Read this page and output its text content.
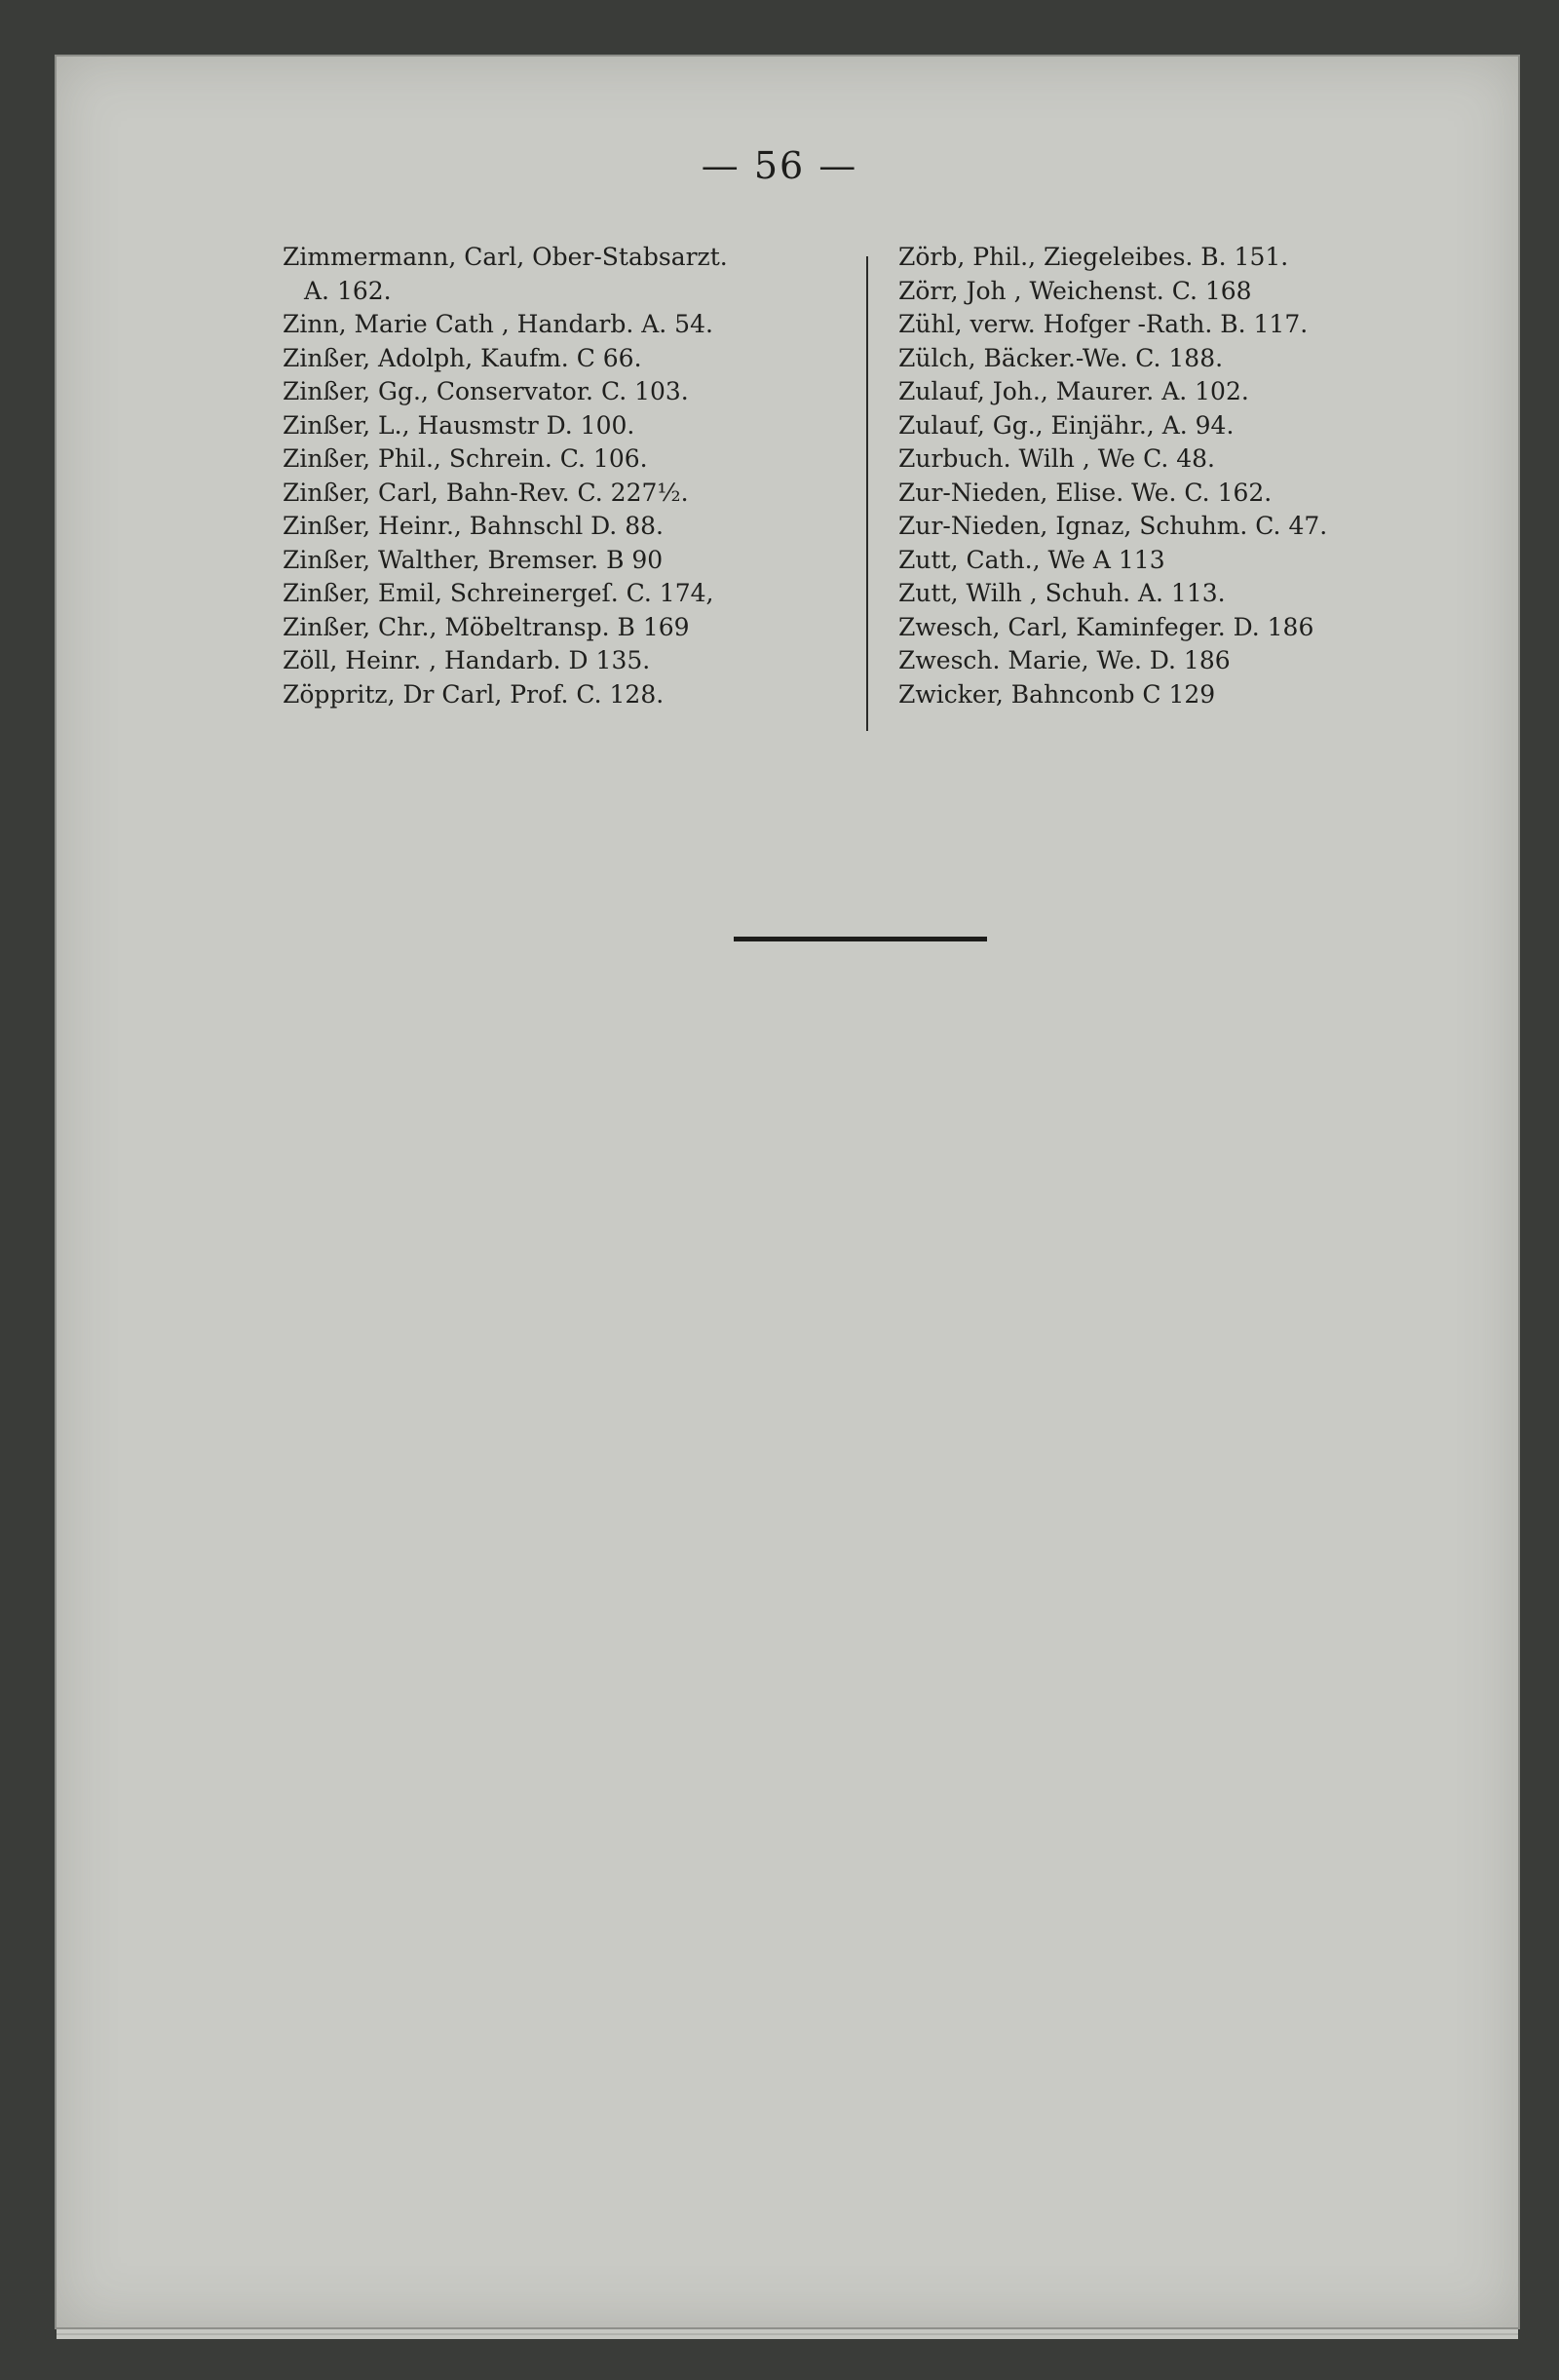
— 56 —
Zimmermann, Carl, Ober-Stabsarzt.
A. 162.
Zinn, Marie Cath , Handarb. A. 54.
Zinßer, Adolph, Kaufm. C 66.
Zinßer, Gg., Conservator. C. 103.
Zinßer, L., Hausmstr D. 100.
Zinßer, Phil., Schrein. C. 106.
Zinßer, Carl, Bahn-Rev. C. 227½.
Zinßer, Heinr., Bahnschl D. 88.
Zinßer, Walther, Bremser. B 90
Zinßer, Emil, Schreinergeſ. C. 174,
Zinßer, Chr., Möbeltransp. B 169
Zöll, Heinr. , Handarb. D 135.
Zöppritz, Dr Carl, Prof. C. 128.
Zörb, Phil., Ziegeleibes. B. 151.
Zörr, Joh , Weichenst. C. 168
Zühl, verw. Hofger -Rath. B. 117.
Zülch, Bäcker.-We. C. 188.
Zulauf, Joh., Maurer. A. 102.
Zulauf, Gg., Einjähr., A. 94.
Zurbuch. Wilh , We C. 48.
Zur-Nieden, Elise. We. C. 162.
Zur-Nieden, Ignaz, Schuhm. C. 47.
Zutt, Cath., We A 113
Zutt, Wilh , Schuh. A. 113.
Zwesch, Carl, Kaminfeger. D. 186
Zwesch. Marie, We. D. 186
Zwicker, Bahnconb C 129
